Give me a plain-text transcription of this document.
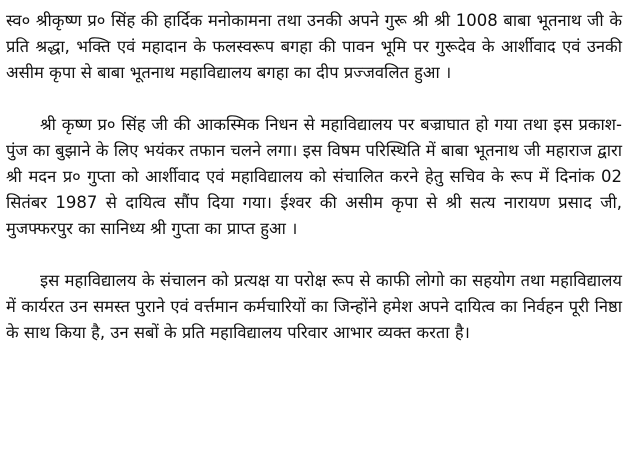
स्व० श्रीकृष्ण प्र० सिंह की हार्दिक मनोकामना तथा उनकी अपने गुरू श्री श्री 1008 बाबा भूतनाथ जी के प्रति श्रद्धा, भक्ति एवं महादान के फलस्वरूप बगहा की पावन भूमि पर गुरूदेव के आर्शीवाद एवं उनकी असीम कृपा से बाबा भूतनाथ महाविद्यालय बगहा का दीप प्रज्जवलित हुआ ।

श्री कृष्ण प्र० सिंह जी की आकस्मिक निधन से महाविद्यालय पर बज्राघात हो गया तथा इस प्रकाश-पुंज का बुझाने के लिए भयंकर तफान चलने लगा। इस विषम परिस्थिति में बाबा भूतनाथ जी महाराज द्वारा श्री मदन प्र० गुप्ता को आर्शीवाद एवं महाविद्यालय को संचालित करने हेतु सचिव के रूप में दिनांक 02 सितंबर 1987 से दायित्व सौंप दिया गया। ईश्वर की असीम कृपा से श्री सत्य नारायण प्रसाद जी, मुजफ्फरपुर का सानिध्य श्री गुप्ता का प्राप्त हुआ ।

इस महाविद्यालय के संचालन को प्रत्यक्ष या परोक्ष रूप से काफी लोगो का सहयोग तथा महाविद्यालय में कार्यरत उन समस्त पुराने एवं वर्त्तमान कर्मचारियों का जिन्होंने हमेश अपने दायित्व का निर्वहन पूरी निष्ठा के साथ किया है, उन सबों के प्रति महाविद्यालय परिवार आभार व्यक्त करता है।
